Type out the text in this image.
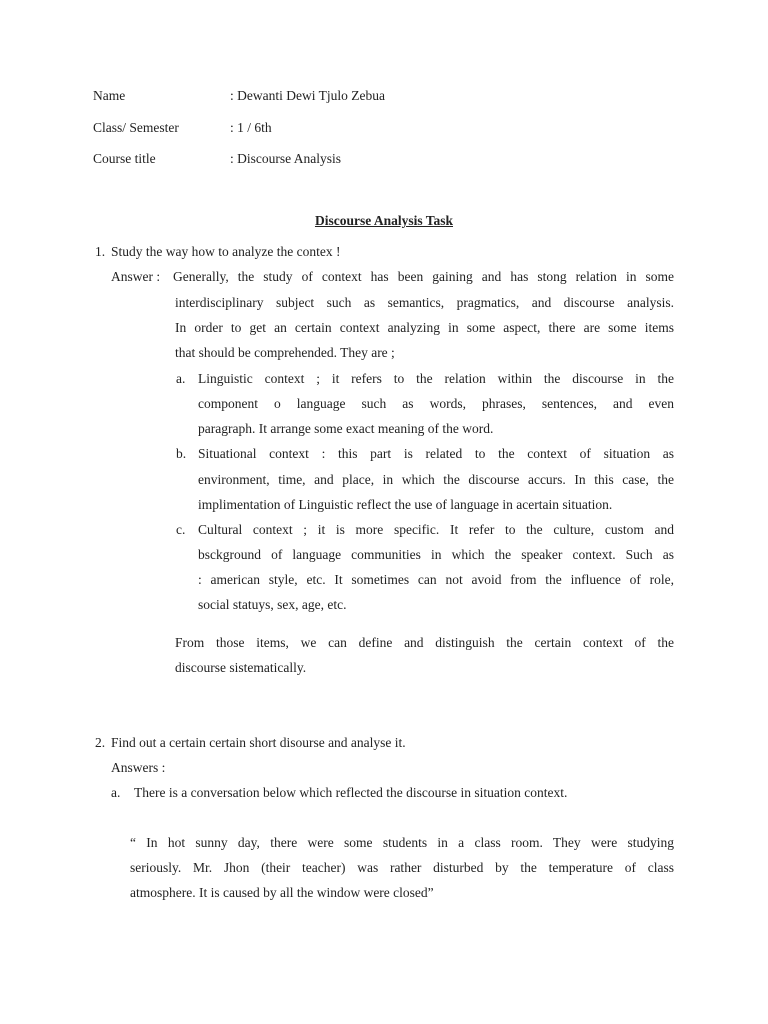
Name	: Dewanti Dewi Tjulo Zebua
Class/ Semester	: 1 / 6th
Course title	: Discourse Analysis
Discourse Analysis Task
1. Study the way how to analyze the contex !
Answer : Generally, the study of context has been gaining and has stong relation in some
interdisciplinary subject such as semantics, pragmatics, and discourse analysis.
In order to get an certain context analyzing in some aspect, there are some items
that should be comprehended. They are ;
a. Linguistic context ; it refers to the relation within the discourse in the
component o language such as words, phrases, sentences, and even
paragraph. It arrange some exact meaning of the word.
b. Situational context : this part is related to the context of situation as
environment, time, and place, in which the discourse accurs. In this case, the
implimentation of Linguistic reflect the use of language in acertain situation.
c. Cultural context ; it is more specific. It refer to the culture, custom and
bsckground of language communities in which the speaker context. Such as
: american style, etc. It sometimes can not avoid from the influence of role,
social statuys, sex, age, etc.
From those items, we can define and distinguish the certain context of the
discourse sistematically.
2. Find out a certain certain short disourse and analyse it.
Answers :
a. There is a conversation below which reflected the discourse in situation context.
“ In hot sunny day, there were some students in a class room. They were studying
seriously. Mr. Jhon (their teacher) was rather disturbed by the temperature of class
atmosphere. It is caused by all the window were closed”
